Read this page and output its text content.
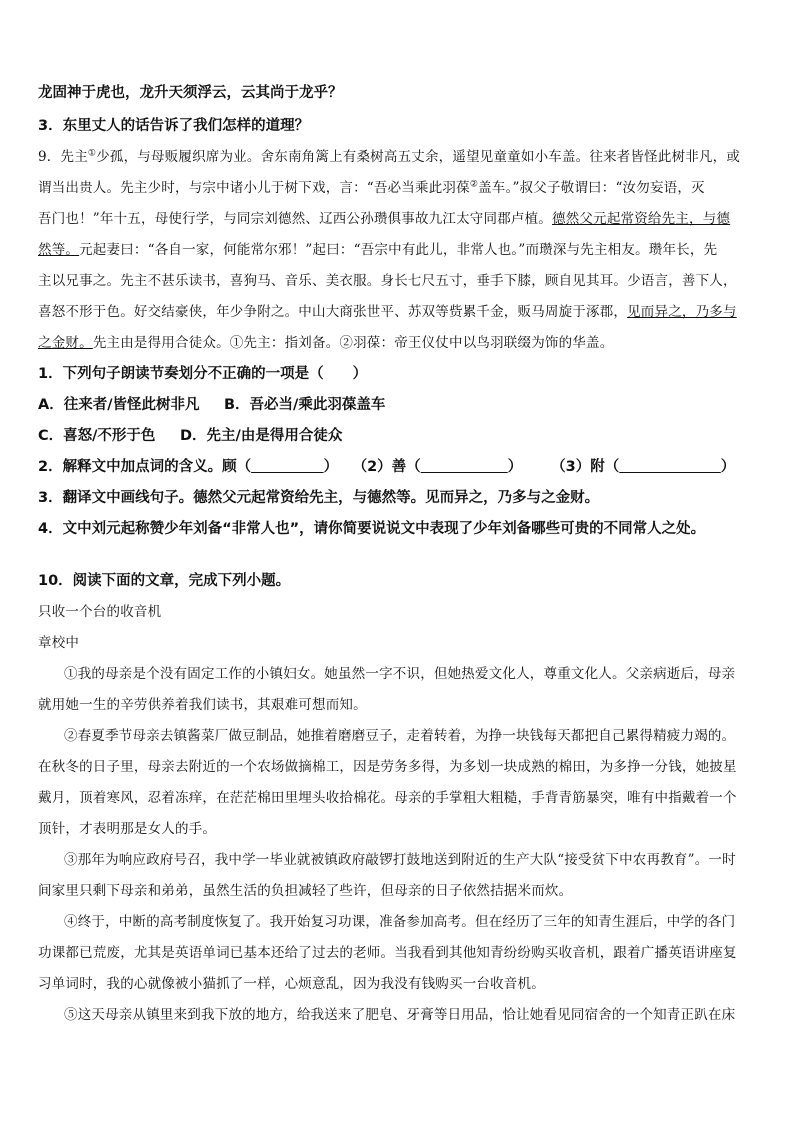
龙固神于虎也，龙升天须浮云，云其尚于龙乎？
3．东里丈人的话告诉了我们怎样的道理？
9．先主①少孤，与母贩履织席为业。舍东南角篱上有桑树高五丈余，遥望见童童如小车盖。往来者皆怪此树非凡，或
谓当出贵人。先主少时，与宗中诸小儿于树下戏，言：“吾必当乘此羽葆②盖车。”叔父子敬谓曰：“汝勿妄语，灭
吾门也！”年十五，母使行学，与同宗刘德然、辽西公孙瓒俱事故九江太守同郡卢植。德然父元起常资给先主，与德
然等。元起妻曰：“各自一家，何能常尔邪！”起曰：“吾宗中有此儿，非常人也。”而瓒深与先主相友。瓒年长，先
主以兄事之。先主不甚乐读书，喜狗马、音乐、美衣服。身长七尺五寸，垂手下膝，顾自见其耳。少语言，善下人，
喜怒不形于色。好交结豪侠，年少争附之。中山大商张世平、苏双等赀累千金，贩马周旋于涿郡，见而异之，乃多与
之金财。先主由是得用合徒众。①先主：指刘备。②羽葆：帝王仪仗中以鸟羽联缀为饰的华盖。
1．下列句子朗读节奏划分不正确的一项是（　　）
A．往来者/皆怪此树非凡 B．吾必当/乘此羽葆盖车
C．喜怒/不形于色 D．先主/由是得用合徒众
2．解释文中加点词的含义。顾（　　　　　	）　　（2）善（　　　　　　	）　　　（3）附（　　　　　　　	）
3．翻译文中画线句子。德然父元起常资给先主，与德然等。见而异之，乃多与之金财。
4．文中刘元起称赞少年刘备“非常人也”，请你简要说说文中表现了少年刘备哪些可贵的不同常人之处。
10．阅读下面的文章，完成下列小题。
只收一个台的收音机
章校中
①我的母亲是个没有固定工作的小镇妇女。她虽然一字不识，但她热爱文化人，尊重文化人。父亲病逝后，母亲
就用她一生的辛劳供养着我们读书，其艰难可想而知。
②春夏季节母亲去镇酱菜厂做豆制品，她推着磨磨豆子，走着转着，为挣一块钱每天都把自己累得精疲力竭的。
在秋冬的日子里，母亲去附近的一个农场做摘棉工，因是劳务多得，为多划一块成熟的棉田，为多挣一分钱，她披星
戴月，顶着寒风，忍着冻痒，在茫茫棉田里埋头收拾棉花。母亲的手掌粗大粗糙，手背青筋暴突，唯有中指戴着一个
顶针，才表明那是女人的手。
③那年为响应政府号召，我中学一毕业就被镇政府敲锣打鼓地送到附近的生产大队“接受贫下中农再教育”。一时
间家里只剩下母亲和弟弟，虽然生活的负担减轻了些许，但母亲的日子依然拮据米而炊。
④终于，中断的高考制度恢复了。我开始复习功课，准备参加高考。但在经历了三年的知青生涯后，中学的各门
功课都已荒废，尤其是英语单词已基本还给了过去的老师。当我看到其他知青纷纷购买收音机，跟着广播英语讲座复
习单词时，我的心就像被小猫抓了一样，心烦意乱，因为我没有钱购买一台收音机。
⑤这天母亲从镇里来到我下放的地方，给我送来了肥皂、牙膏等日用品，恰让她看见同宿舍的一个知青正趴在床
